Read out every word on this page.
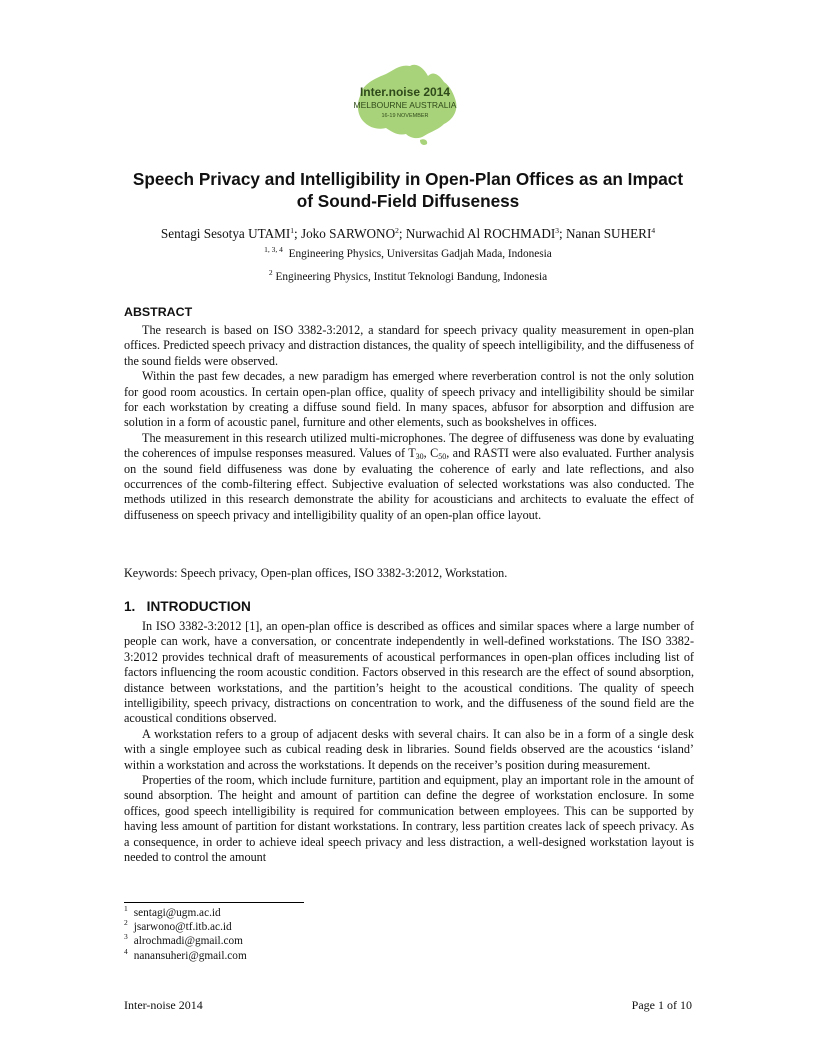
Inter.noise 2014
MELBOURNE AUSTRALIA
16-19 NOVEMBER
Speech Privacy and Intelligibility in Open-Plan Offices as an Impact
of Sound-Field Diffuseness
Sentagi Sesotya UTAMI$^1$; Joko SARWONO$^2$; Nurwachid Al ROCHMADI$^3$; Nanan SUHERI$^4$
$^{1, 3, 4}$ Engineering Physics, Universitas Gadjah Mada, Indonesia
$^2$ Engineering Physics, Institut Teknologi Bandung, Indonesia
ABSTRACT

The research is based on ISO 3382-3:2012, a standard for speech privacy quality measurement in open-plan offices. Predicted speech privacy and distraction distances, the quality of speech intelligibility, and the diffuseness of the sound fields were observed.

Within the past few decades, a new paradigm has emerged where reverberation control is not the only solution for good room acoustics. In certain open-plan office, quality of speech privacy and intelligibility should be similar for each workstation by creating a diffuse sound field. In many spaces, abfusor for absorption and diffusion are solution in a form of acoustic panel, furniture and other elements, such as bookshelves in offices.

The measurement in this research utilized multi-microphones. The degree of diffuseness was done by evaluating the coherences of impulse responses measured. Values of $T_{30}$, $C_{50}$, and RASTI were also evaluated. Further analysis on the sound field diffuseness was done by evaluating the coherence of early and late reflections, and also occurrences of the comb-filtering effect. Subjective evaluation of selected workstations was also conducted. The methods utilized in this research demonstrate the ability for acousticians and architects to evaluate the effect of diffuseness on speech privacy and intelligibility quality of an open-plan office layout.

Keywords: Speech privacy, Open-plan offices, ISO 3382-3:2012, Workstation.

1.   INTRODUCTION

In ISO 3382-3:2012 [1], an open-plan office is described as offices and similar spaces where a large number of people can work, have a conversation, or concentrate independently in well-defined workstations. The ISO 3382-3:2012 provides technical draft of measurements of acoustical performances in open-plan offices including list of factors influencing the room acoustic condition. Factors observed in this research are the effect of sound absorption, distance between workstations, and the partition’s height to the acoustical conditions. The quality of speech intelligibility, speech privacy, distractions on concentration to work, and the diffuseness of the sound field are the acoustical conditions observed.

A workstation refers to a group of adjacent desks with several chairs. It can also be in a form of a single desk with a single employee such as cubical reading desk in libraries. Sound fields observed are the acoustics ‘island’ within a workstation and across the workstations. It depends on the receiver’s position during measurement.

Properties of the room, which include furniture, partition and equipment, play an important role in the amount of sound absorption. The height and amount of partition can define the degree of workstation enclosure. In some offices, good speech intelligibility is required for communication between employees. This can be supported by having less amount of partition for distant workstations. In contrary, less partition creates lack of speech privacy. As a consequence, in order to achieve ideal speech privacy and less distraction, a well-designed workstation layout is needed to control the amount

$^1$ sentagi@ugm.ac.id
$^2$ jsarwono@tf.itb.ac.id
$^3$ alrochmadi@gmail.com
$^4$ nanansuheri@gmail.com
Inter-noise 2014	Page 1 of 10
